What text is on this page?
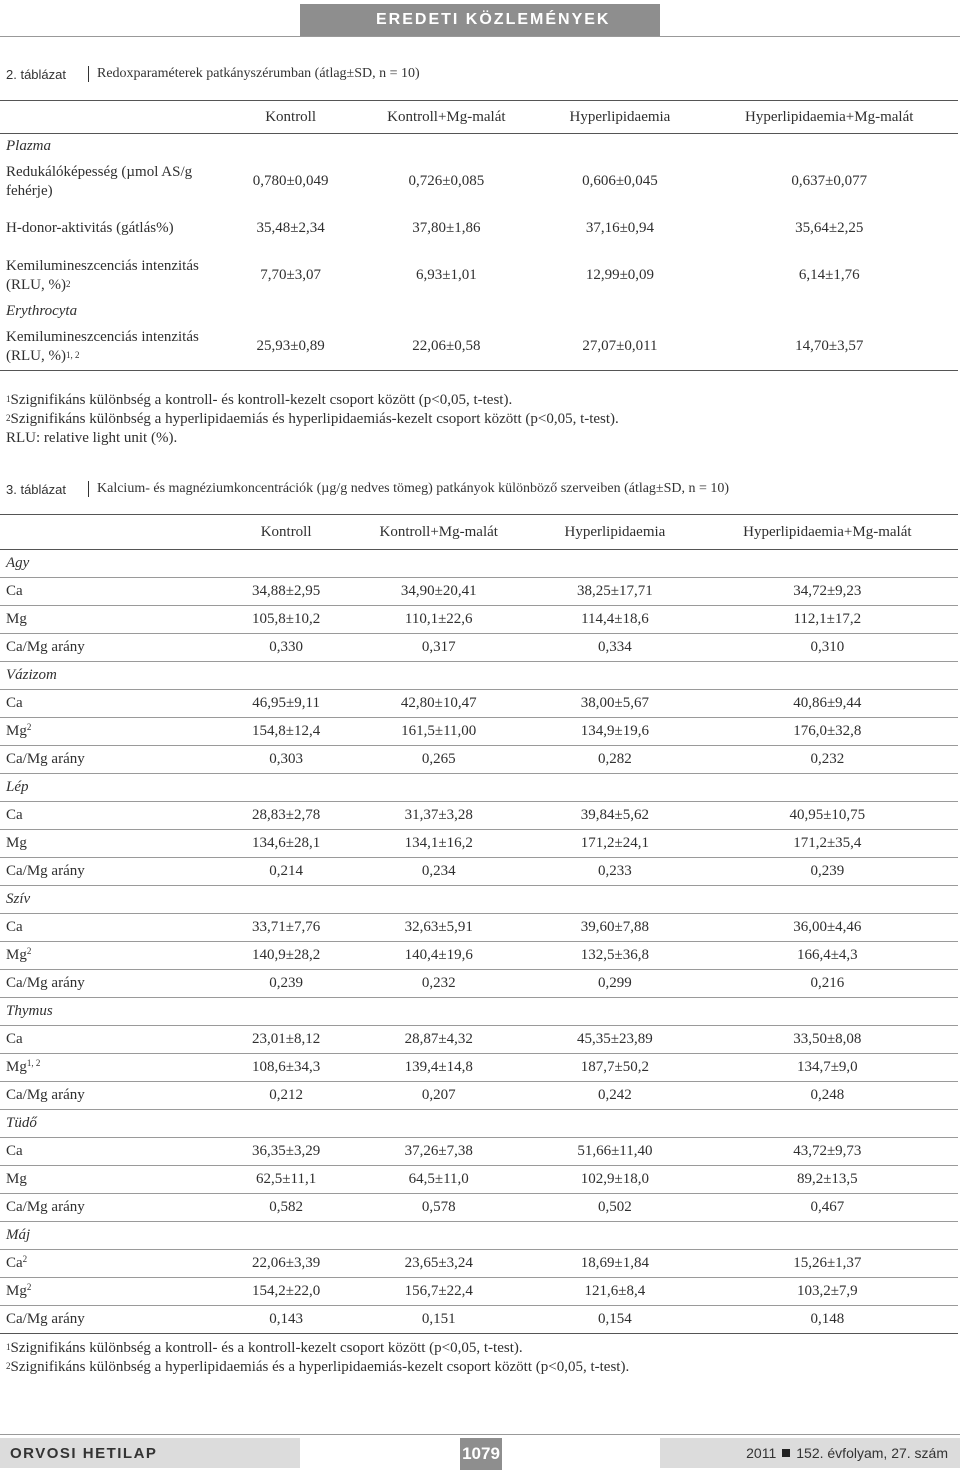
EREDETI KÖZLEMÉNYEK
2. táblázat Redoxparaméterek patkányszérumban (átlag±SD, n = 10)
	Kontroll	Kontroll+Mg-malát	Hyperlipidaemia	Hyperlipidaemia+Mg-malát
Plazma				
Redukálóképesség (µmol AS/g fehérje)	0,780±0,049	0,726±0,085	0,606±0,045	0,637±0,077
H-donor-aktivitás (gátlás%)	35,48±2,34	37,80±1,86	37,16±0,94	35,64±2,25
Kemilumineszcenciás intenzitás (RLU, %)$^2$	7,70±3,07	6,93±1,01	12,99±0,09	6,14±1,76
Erythrocyta				
Kemilumineszcenciás intenzitás (RLU, %)$^{1, 2}$	25,93±0,89	22,06±0,58	27,07±0,011	14,70±3,57
$^1$Szignifikáns különbség a kontroll- és kontroll-kezelt csoport között (p<0,05, t-test).
$^2$Szignifikáns különbség a hyperlipidaemiás és hyperlipidaemiás-kezelt csoport között (p<0,05, t-test).
RLU: relative light unit (%).
3. táblázat Kalcium- és magnéziumkoncentrációk (µg/g nedves tömeg) patkányok különböző szerveiben (átlag±SD, n = 10)
	Kontroll	Kontroll+Mg-malát	Hyperlipidaemia	Hyperlipidaemia+Mg-malát
Agy				
Ca	34,88±2,95	34,90±20,41	38,25±17,71	34,72±9,23
Mg	105,8±10,2	110,1±22,6	114,4±18,6	112,1±17,2
Ca/Mg arány	0,330	0,317	0,334	0,310
Vázizom				
Ca	46,95±9,11	42,80±10,47	38,00±5,67	40,86±9,44
Mg$^2$	154,8±12,4	161,5±11,00	134,9±19,6	176,0±32,8
Ca/Mg arány	0,303	0,265	0,282	0,232
Lép				
Ca	28,83±2,78	31,37±3,28	39,84±5,62	40,95±10,75
Mg	134,6±28,1	134,1±16,2	171,2±24,1	171,2±35,4
Ca/Mg arány	0,214	0,234	0,233	0,239
Szív				
Ca	33,71±7,76	32,63±5,91	39,60±7,88	36,00±4,46
Mg$^2$	140,9±28,2	140,4±19,6	132,5±36,8	166,4±4,3
Ca/Mg arány	0,239	0,232	0,299	0,216
Thymus				
Ca	23,01±8,12	28,87±4,32	45,35±23,89	33,50±8,08
Mg$^{1, 2}$	108,6±34,3	139,4±14,8	187,7±50,2	134,7±9,0
Ca/Mg arány	0,212	0,207	0,242	0,248
Tüdő				
Ca	36,35±3,29	37,26±7,38	51,66±11,40	43,72±9,73
Mg	62,5±11,1	64,5±11,0	102,9±18,0	89,2±13,5
Ca/Mg arány	0,582	0,578	0,502	0,467
Máj				
Ca$^2$	22,06±3,39	23,65±3,24	18,69±1,84	15,26±1,37
Mg$^2$	154,2±22,0	156,7±22,4	121,6±8,4	103,2±7,9
Ca/Mg arány	0,143	0,151	0,154	0,148
$^1$Szignifikáns különbség a kontroll- és a kontroll-kezelt csoport között (p<0,05, t-test).
$^2$Szignifikáns különbség a hyperlipidaemiás és a hyperlipidaemiás-kezelt csoport között (p<0,05, t-test).
ORVOSI HETILAP	1079	2011 152. évfolyam, 27. szám
